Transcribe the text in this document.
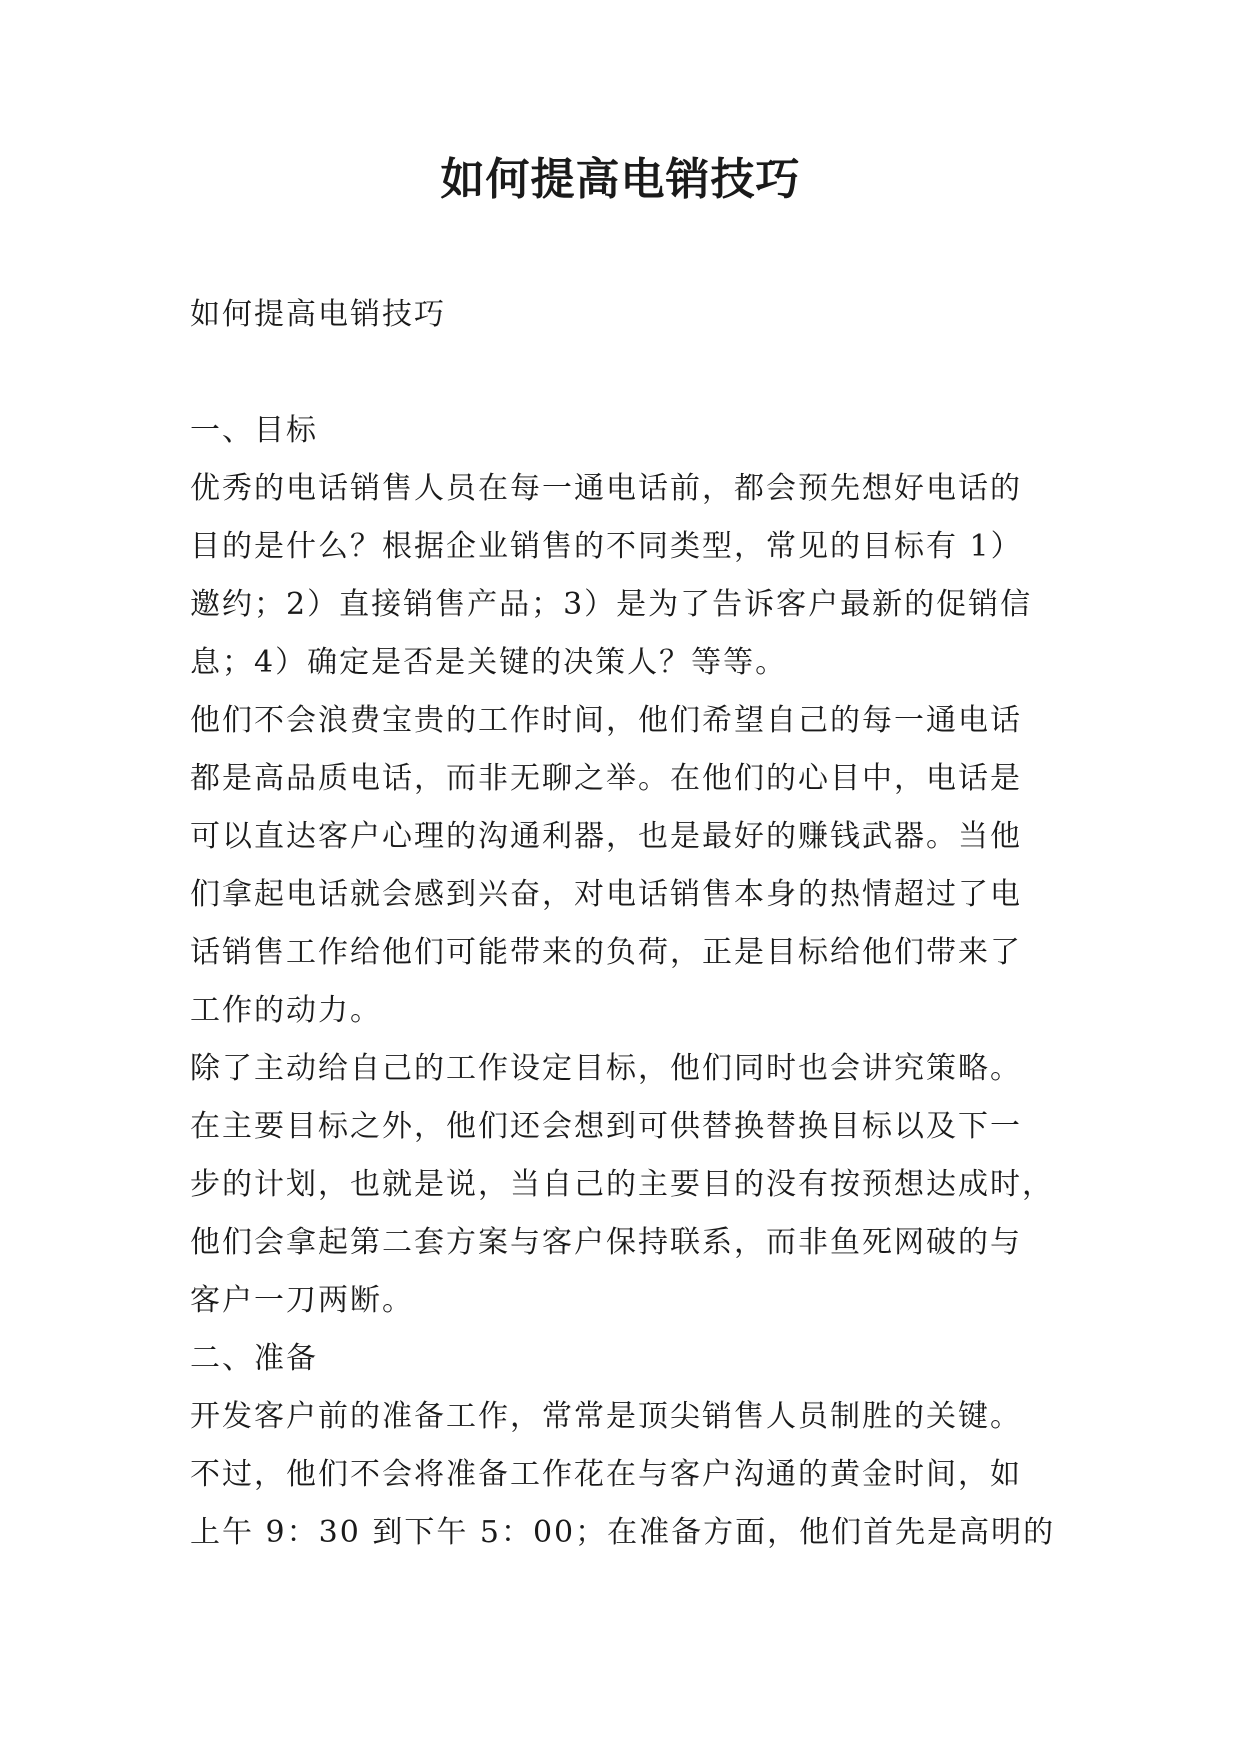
如何提高电销技巧
如何提高电销技巧
一、目标
优秀的电话销售人员在每一通电话前，都会预先想好电话的
目的是什么？根据企业销售的不同类型，常见的目标有 1）
邀约；2）直接销售产品；3）是为了告诉客户最新的促销信
息；4）确定是否是关键的决策人？等等。
他们不会浪费宝贵的工作时间，他们希望自己的每一通电话
都是高品质电话，而非无聊之举。在他们的心目中，电话是
可以直达客户心理的沟通利器，也是最好的赚钱武器。当他
们拿起电话就会感到兴奋，对电话销售本身的热情超过了电
话销售工作给他们可能带来的负荷，正是目标给他们带来了
工作的动力。
除了主动给自己的工作设定目标，他们同时也会讲究策略。
在主要目标之外，他们还会想到可供替换替换目标以及下一
步的计划，也就是说，当自己的主要目的没有按预想达成时，
他们会拿起第二套方案与客户保持联系，而非鱼死网破的与
客户一刀两断。
二、准备
开发客户前的准备工作，常常是顶尖销售人员制胜的关键。
不过，他们不会将准备工作花在与客户沟通的黄金时间，如
上午 9：30 到下午 5：00；在准备方面，他们首先是高明的
